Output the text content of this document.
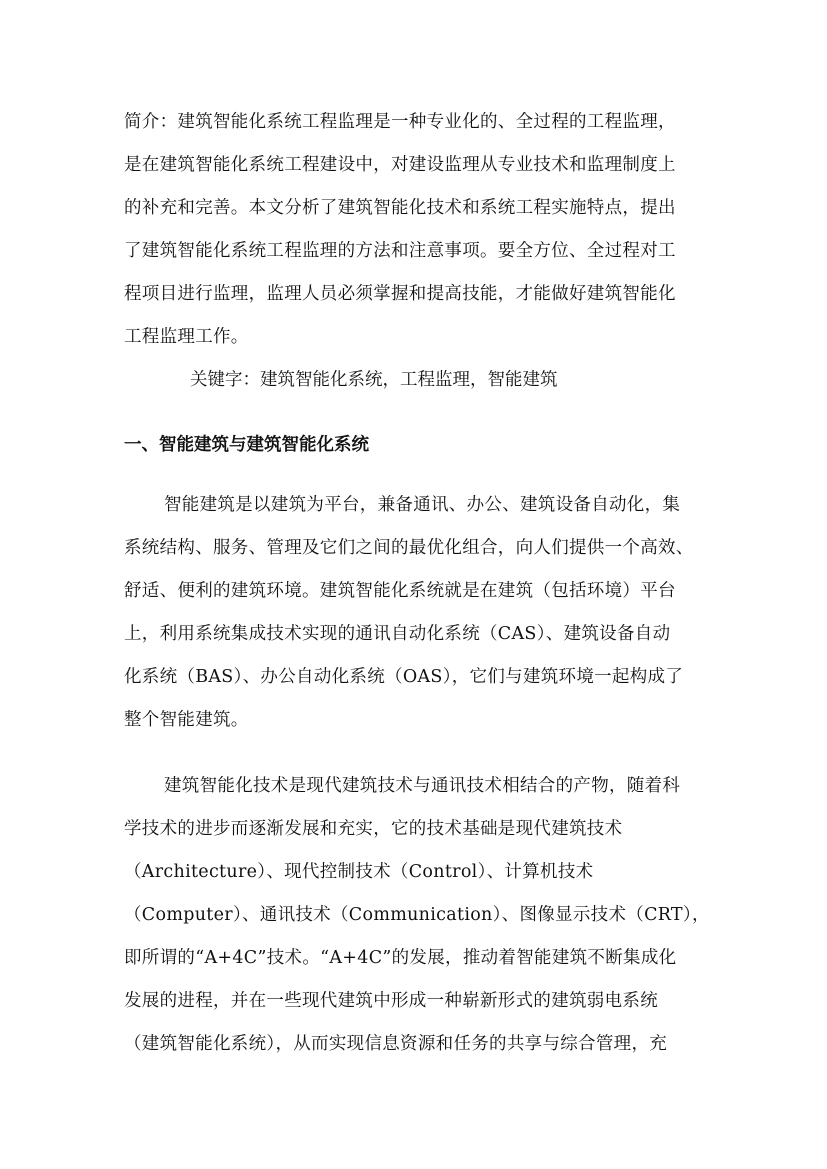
简介：建筑智能化系统工程监理是一种专业化的、全过程的工程监理，
是在建筑智能化系统工程建设中，对建设监理从专业技术和监理制度上
的补充和完善。本文分析了建筑智能化技术和系统工程实施特点，提出
了建筑智能化系统工程监理的方法和注意事项。要全方位、全过程对工
程项目进行监理，监理人员必须掌握和提高技能，才能做好建筑智能化
工程监理工作。
关键字：建筑智能化系统，工程监理，智能建筑
一、智能建筑与建筑智能化系统
智能建筑是以建筑为平台，兼备通讯、办公、建筑设备自动化，集
系统结构、服务、管理及它们之间的最优化组合，向人们提供一个高效、
舒适、便利的建筑环境。建筑智能化系统就是在建筑（包括环境）平台
上，利用系统集成技术实现的通讯自动化系统（CAS）、建筑设备自动
化系统（BAS）、办公自动化系统（OAS），它们与建筑环境一起构成了
整个智能建筑。
建筑智能化技术是现代建筑技术与通讯技术相结合的产物，随着科
学技术的进步而逐渐发展和充实，它的技术基础是现代建筑技术
（Architecture）、现代控制技术（Control）、计算机技术
（Computer）、通讯技术（Communication）、图像显示技术（CRT），
即所谓的“A+4C”技术。“A+4C”的发展，推动着智能建筑不断集成化
发展的进程，并在一些现代建筑中形成一种崭新形式的建筑弱电系统
（建筑智能化系统），从而实现信息资源和任务的共享与综合管理，充
